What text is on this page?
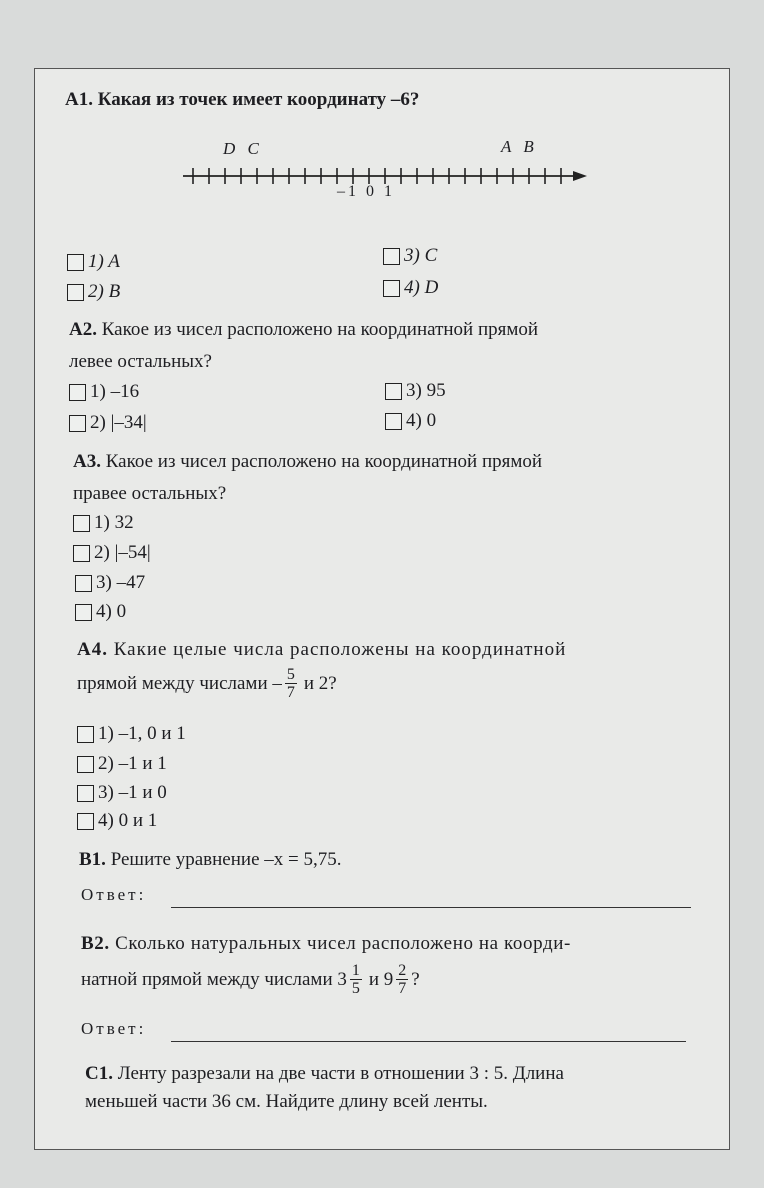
А1. Какая из точек имеет координату –6?
D C	A B
–1 0 1
1) A
2) B
3) C
4) D
А2. Какое из чисел расположено на координатной прямой
левее остальных?
1) –16
2) |–34|
3) 95
4) 0
А3. Какое из чисел расположено на координатной прямой
правее остальных?
1) 32
2) |–54|
3) –47
4) 0
А4. Какие целые числа расположены на координатной
прямой между числами – $\frac{5}{7}$ и 2?
1) –1, 0 и 1
2) –1 и 1
3) –1 и 0
4) 0 и 1
В1. Решите уравнение –x = 5,75.
Ответ:
В2. Сколько натуральных чисел расположено на коорди-
натной прямой между числами $3 \frac{1}{5}$ и $9 \frac{2}{7}$ ?
Ответ:
С1. Ленту разрезали на две части в отношении 3 : 5. Длина
меньшей части 36 см. Найдите длину всей ленты.
